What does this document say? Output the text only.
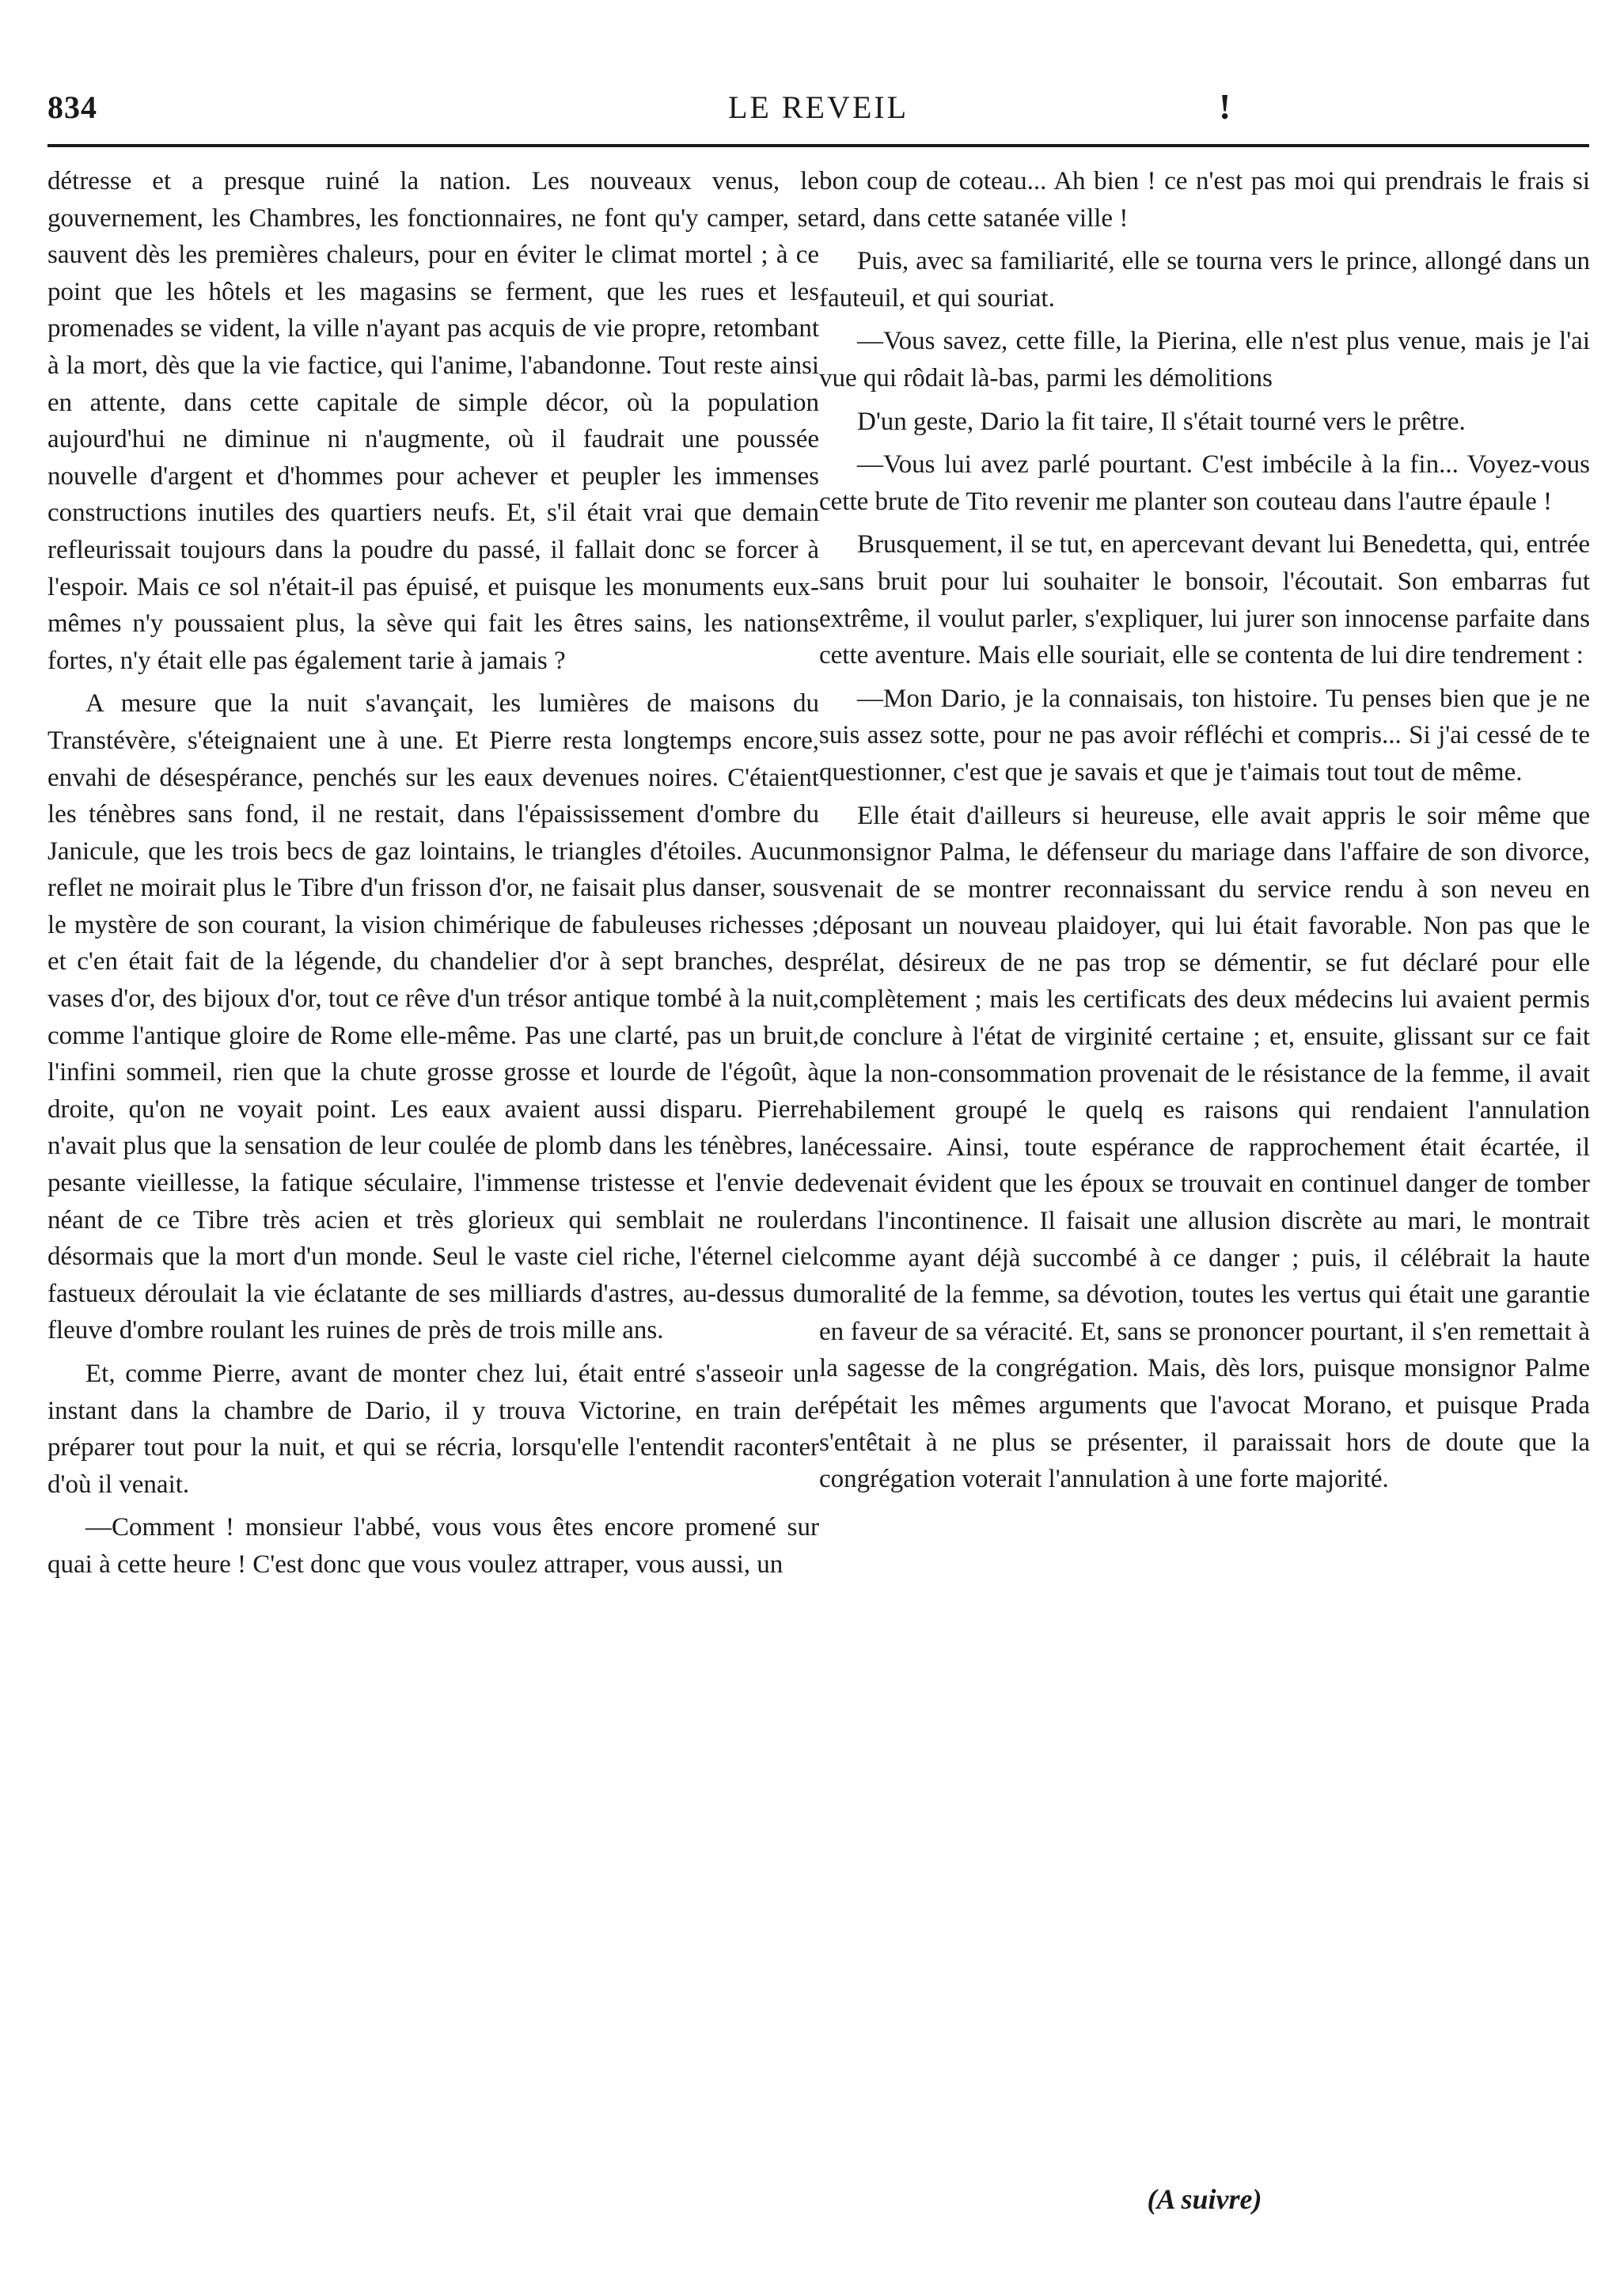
834	LE REVEIL	!

détresse et a presque ruiné la nation. Les nouveaux venus, le gouvernement, les Chambres, les fonctionnaires, ne font qu'y camper, se sauvent dès les premières chaleurs, pour en éviter le climat mortel ; à ce point que les hôtels et les magasins se ferment, que les rues et les promenades se vident, la ville n'ayant pas acquis de vie propre, retombant à la mort, dès que la vie factice, qui l'anime, l'abandonne. Tout reste ainsi en attente, dans cette capitale de simple décor, où la population aujourd'hui ne diminue ni n'augmente, où il faudrait une poussée nouvelle d'argent et d'hommes pour achever et peupler les immenses constructions inutiles des quartiers neufs. Et, s'il était vrai que demain refleurissait toujours dans la poudre du passé, il fallait donc se forcer à l'espoir. Mais ce sol n'était-il pas épuisé, et puisque les monuments eux-mêmes n'y poussaient plus, la sève qui fait les êtres sains, les nations fortes, n'y était elle pas également tarie à jamais ?

A mesure que la nuit s'avançait, les lumières de maisons du Transtévère, s'éteignaient une à une. Et Pierre resta longtemps encore, envahi de désespérance, penchés sur les eaux devenues noires. C'étaient les ténèbres sans fond, il ne restait, dans l'épaississement d'ombre du Janicule, que les trois becs de gaz lointains, le triangles d'étoiles. Aucun reflet ne moirait plus le Tibre d'un frisson d'or, ne faisait plus danser, sous le mystère de son courant, la vision chimérique de fabuleuses richesses ; et c'en était fait de la légende, du chandelier d'or à sept branches, des vases d'or, des bijoux d'or, tout ce rêve d'un trésor antique tombé à la nuit, comme l'antique gloire de Rome elle-même. Pas une clarté, pas un bruit, l'infini sommeil, rien que la chute grosse grosse et lourde de l'égoût, à droite, qu'on ne voyait point. Les eaux avaient aussi disparu. Pierre n'avait plus que la sensation de leur coulée de plomb dans les ténèbres, la pesante vieillesse, la fatique séculaire, l'immense tristesse et l'envie de néant de ce Tibre très acien et très glorieux qui semblait ne rouler désormais que la mort d'un monde. Seul le vaste ciel riche, l'éternel ciel fastueux déroulait la vie éclatante de ses milliards d'astres, au-dessus du fleuve d'ombre roulant les ruines de près de trois mille ans.

Et, comme Pierre, avant de monter chez lui, était entré s'asseoir un instant dans la chambre de Dario, il y trouva Victorine, en train de préparer tout pour la nuit, et qui se récria, lorsqu'elle l'entendit raconter d'où il venait.

—Comment ! monsieur l'abbé, vous vous êtes encore promené sur quai à cette heure ! C'est donc que vous voulez attraper, vous aussi, un

bon coup de coteau... Ah bien ! ce n'est pas moi qui prendrais le frais si tard, dans cette satanée ville !

Puis, avec sa familiarité, elle se tourna vers le prince, allongé dans un fauteuil, et qui souriat.

—Vous savez, cette fille, la Pierina, elle n'est plus venue, mais je l'ai vue qui rôdait là-bas, parmi les démolitions

D'un geste, Dario la fit taire, Il s'était tourné vers le prêtre.

—Vous lui avez parlé pourtant. C'est imbécile à la fin... Voyez-vous cette brute de Tito revenir me planter son couteau dans l'autre épaule !

Brusquement, il se tut, en apercevant devant lui Benedetta, qui, entrée sans bruit pour lui souhaiter le bonsoir, l'écoutait. Son embarras fut extrême, il voulut parler, s'expliquer, lui jurer son innocense parfaite dans cette aventure. Mais elle souriait, elle se contenta de lui dire tendrement :

—Mon Dario, je la connaisais, ton histoire. Tu penses bien que je ne suis assez sotte, pour ne pas avoir réfléchi et compris... Si j'ai cessé de te questionner, c'est que je savais et que je t'aimais tout tout de même.

Elle était d'ailleurs si heureuse, elle avait appris le soir même que monsignor Palma, le défenseur du mariage dans l'affaire de son divorce, venait de se montrer reconnaissant du service rendu à son neveu en déposant un nouveau plaidoyer, qui lui était favorable. Non pas que le prélat, désireux de ne pas trop se démentir, se fut déclaré pour elle complètement ; mais les certificats des deux médecins lui avaient permis de conclure à l'état de virginité certaine ; et, ensuite, glissant sur ce fait que la non-consommation provenait de le résistance de la femme, il avait habilement groupé le quelq es raisons qui rendaient l'annulation nécessaire. Ainsi, toute espérance de rapprochement était écartée, il devenait évident que les époux se trouvait en continuel danger de tomber dans l'incontinence. Il faisait une allusion discrète au mari, le montrait comme ayant déjà succombé à ce danger ; puis, il célébrait la haute moralité de la femme, sa dévotion, toutes les vertus qui était une garantie en faveur de sa véracité. Et, sans se prononcer pourtant, il s'en remettait à la sagesse de la congrégation. Mais, dès lors, puisque monsignor Palme répétait les mêmes arguments que l'avocat Morano, et puisque Prada s'entêtait à ne plus se présenter, il paraissait hors de doute que la congrégation voterait l'annulation à une forte majorité.

(A suivre)
